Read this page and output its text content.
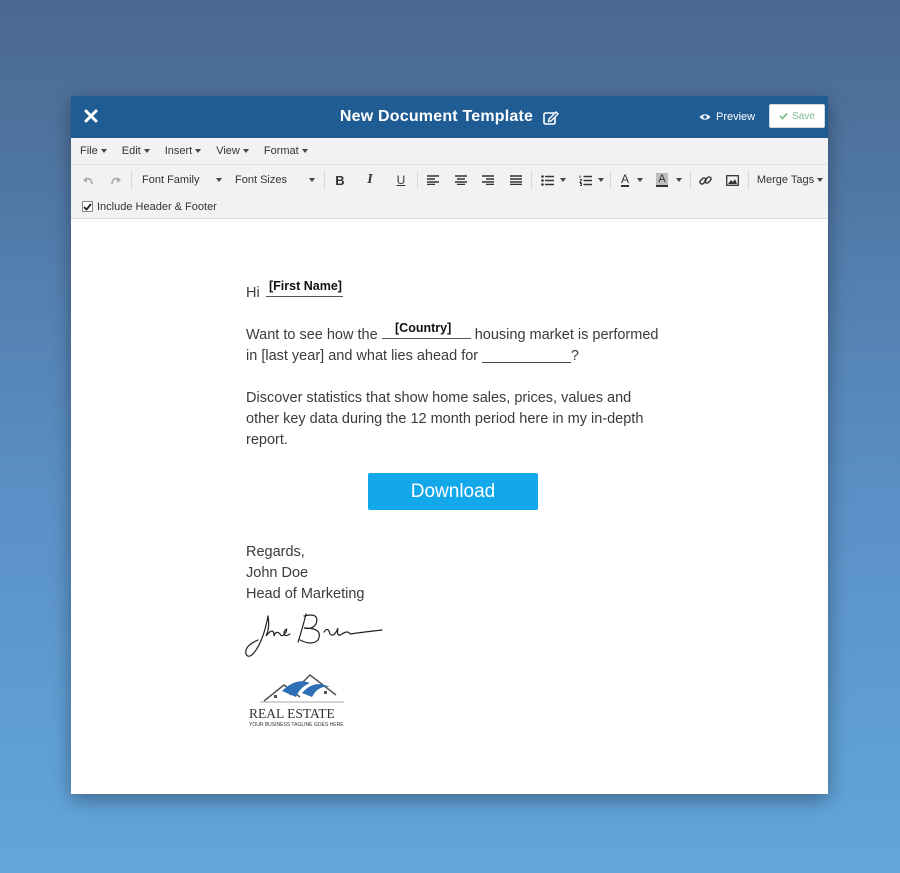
New Document Template	Preview	Save
File Edit Insert View Format
Font Family	Font Sizes	B I U	A	A	Merge Tags
Include Header & Footer
Hi [First Name]
Want to see how the	housing market is performed
[Country]
in [last year] and what lies ahead for ___________?
Discover statistics that show home sales, prices, values and
other key data during the 12 month period here in my in-depth
report.
Regards,
John Doe
Head of Marketing
REAL ESTATE
YOUR BUSINESS TAGLINE GOES HERE
Download
